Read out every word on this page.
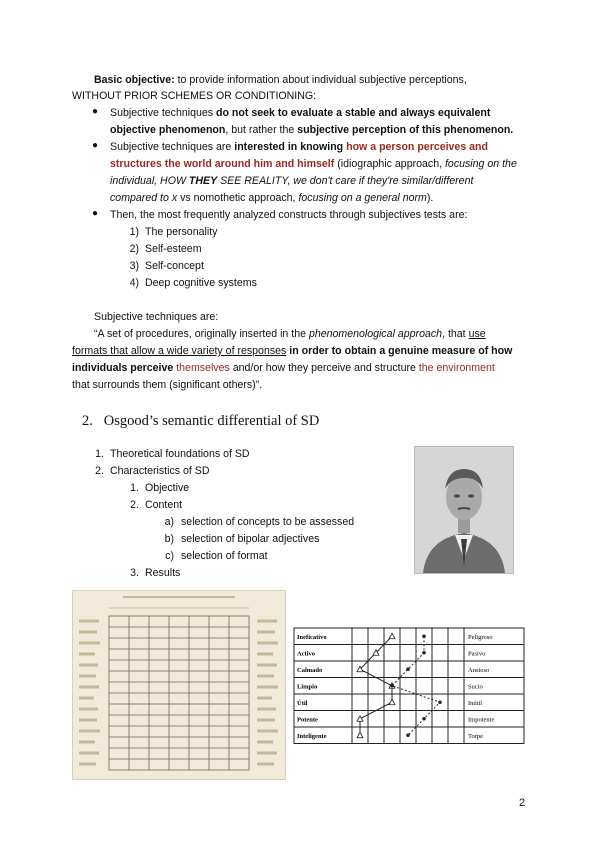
Basic objective: to provide information about individual subjective perceptions,

WITHOUT PRIOR SCHEMES OR CONDITIONING:

● Subjective techniques do not seek to evaluate a stable and always equivalent

objective phenomenon, but rather the subjective perception of this phenomenon.

● Subjective techniques are interested in knowing how a person perceives and

structures the world around him and himself (idiographic approach, focusing on the

individual, HOW THEY SEE REALITY, we don't care if they're similar/different

compared to x vs nomothetic approach, focusing on a general norm).

● Then, the most frequently analyzed constructs through subjectives tests are:

1) The personality
2) Self-esteem
3) Self-concept
4) Deep cognitive systems

Subjective techniques are:

“A set of procedures, originally inserted in the phenomenological approach, that use

formats that allow a wide variety of responses in order to obtain a genuine measure of how

individuals perceive themselves and/or how they perceive and structure the environment

that surrounds them (significant others)”.

2. Osgood’s semantic differential of SD
1. Theoretical foundations of SD
2. Characteristics of SD
1. Objective
2. Content
a) selection of concepts to be assessed
b) selection of bipolar adjectives
c) selection of format
3. Results
Ineficativo	Peligroso
Activo	Pasivo
Calmado	Ansioso
Limpio	Sucio
Útil	Inútil
Potente	Impotente
Inteligente	Torpe
2
